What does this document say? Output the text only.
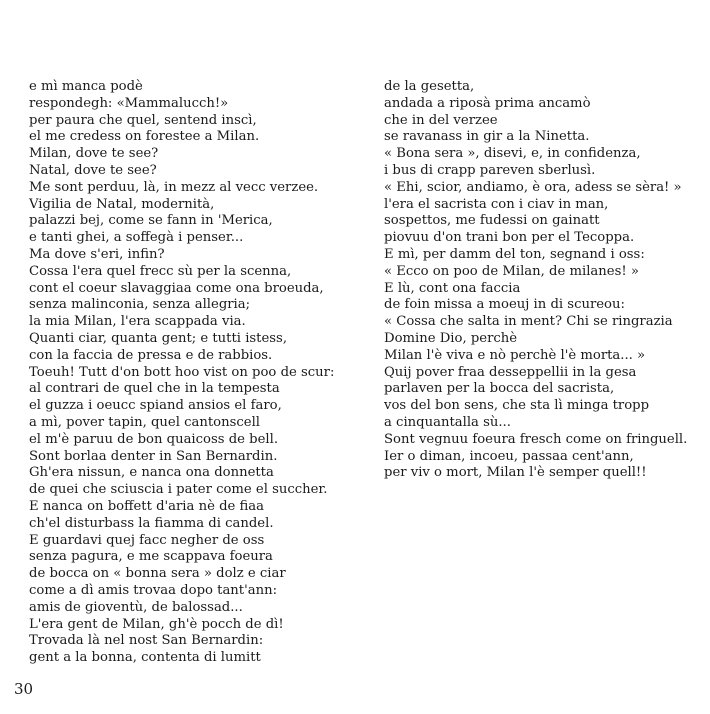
e mì manca podè
respondegh: «Mammalucch!»
per paura che quel, sentend inscì,
el me credess on forestee a Milan.
Milan, dove te see?
Natal, dove te see?
Me sont perduu, là, in mezz al vecc verzee.
Vigilia de Natal, modernità,
palazzi bej, come se fann in 'Merica,
e tanti ghei, a soffegà i penser...
Ma dove s'eri, infin?
Cossa l'era quel frecc sù per la scenna,
cont el coeur slavaggiaa come ona broeuda,
senza malinconia, senza allegria;
la mia Milan, l'era scappada via.
Quanti ciar, quanta gent; e tutti istess,
con la faccia de pressa e de rabbios.
Toeuh! Tutt d'on bott hoo vist on poo de scur:
al contrari de quel che in la tempesta
el guzza i oeucc spiand ansios el faro,
a mì, pover tapin, quel cantonscell
el m'è paruu de bon quaicoss de bell.
Sont borlaa denter in San Bernardin.
Gh'era nissun, e nanca ona donnetta
de quei che sciuscia i pater come el succher.
E nanca on boffett d'aria nè de fiaa
ch'el disturbass la fiamma di candel.
E guardavi quej facc negher de oss
senza pagura, e me scappava foeura
de bocca on « bonna sera » dolz e ciar
come a dì amis trovaa dopo tant'ann:
amis de gioventù, de balossad...
L'era gent de Milan, gh'è pocch de dì!
Trovada là nel nost San Bernardin:
gent a la bonna, contenta di lumitt
de la gesetta,
andada a riposà prima ancamò
che in del verzee
se ravanass in gir a la Ninetta.
« Bona sera », disevi, e, in confidenza,
i bus di crapp pareven sberlusì.
« Ehi, scior, andiamo, è ora, adess se sèra! »
l'era el sacrista con i ciav in man,
sospettos, me fudessi on gainatt
piovuu d'on trani bon per el Tecoppa.
E mì, per damm del ton, segnand i oss:
« Ecco on poo de Milan, de milanes! »
E lù, cont ona faccia
de foin missa a moeuj in di scureou:
« Cossa che salta in ment? Chi se ringrazia
Domine Dio, perchè
Milan l'è viva e nò perchè l'è morta... »
Quij pover fraa desseppellii in la gesa
parlaven per la bocca del sacrista,
vos del bon sens, che sta lì minga tropp
a cinquantalla sù...
Sont vegnuu foeura fresch come on fringuell.
Ier o diman, incoeu, passaa cent'ann,
per viv o mort, Milan l'è semper quell!!
30
